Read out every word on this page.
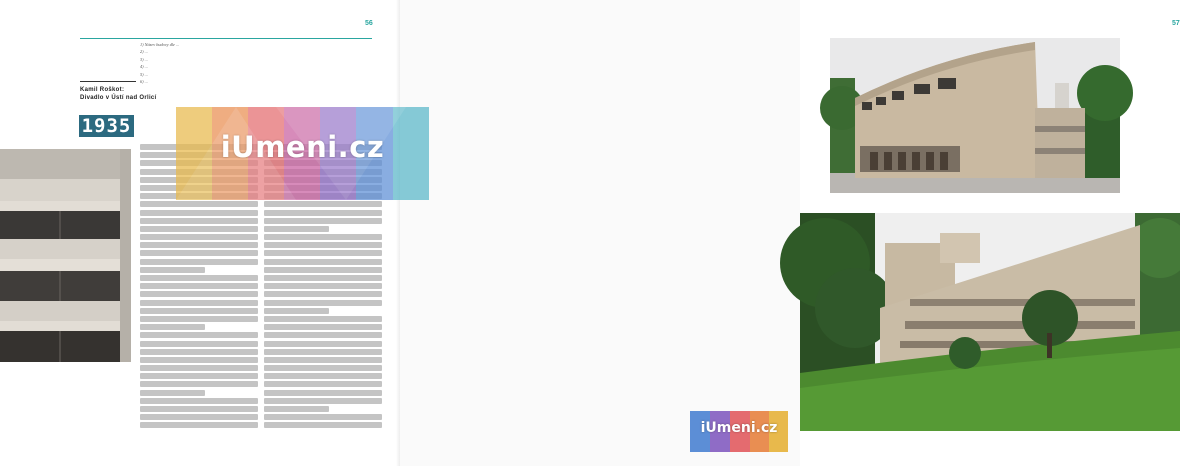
56
1) Název budovy dle ...
2) ...
3) ...
4) ...
5) ...
6) ...
Kamil Roškot:
Divadlo v Ústí nad Orlicí
1935
57
iUmeni.cz
iUmeni.cz
